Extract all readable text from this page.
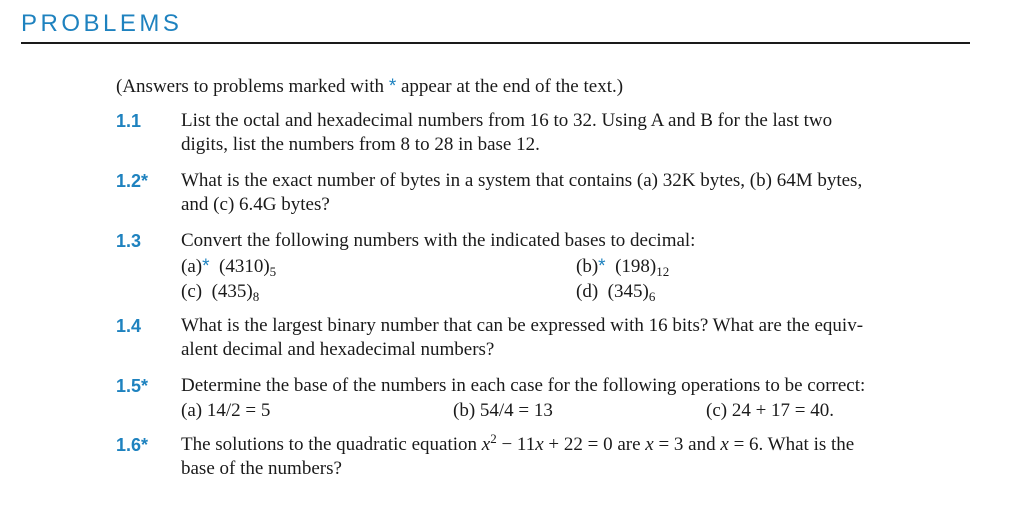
PROBLEMS
(Answers to problems marked with * appear at the end of the text.)
1.1 List the octal and hexadecimal numbers from 16 to 32. Using A and B for the last two
digits, list the numbers from 8 to 28 in base 12.
1.2* What is the exact number of bytes in a system that contains (a) 32K bytes, (b) 64M bytes,
and (c) 6.4G bytes?
1.3 Convert the following numbers with the indicated bases to decimal:
(a)* $(4310)_5$	(b)* $(198)_{12}$
(c) $(435)_8$	(d) $(345)_6$
1.4 What is the largest binary number that can be expressed with 16 bits? What are the equiv-
alent decimal and hexadecimal numbers?
1.5* Determine the base of the numbers in each case for the following operations to be correct:
(a) 14/2 = 5	(b) 54/4 = 13	(c) 24 + 17 = 40.
1.6* The solutions to the quadratic equation $x^2 - 11x + 22 = 0$ are x = 3 and x = 6. What is the
base of the numbers?
